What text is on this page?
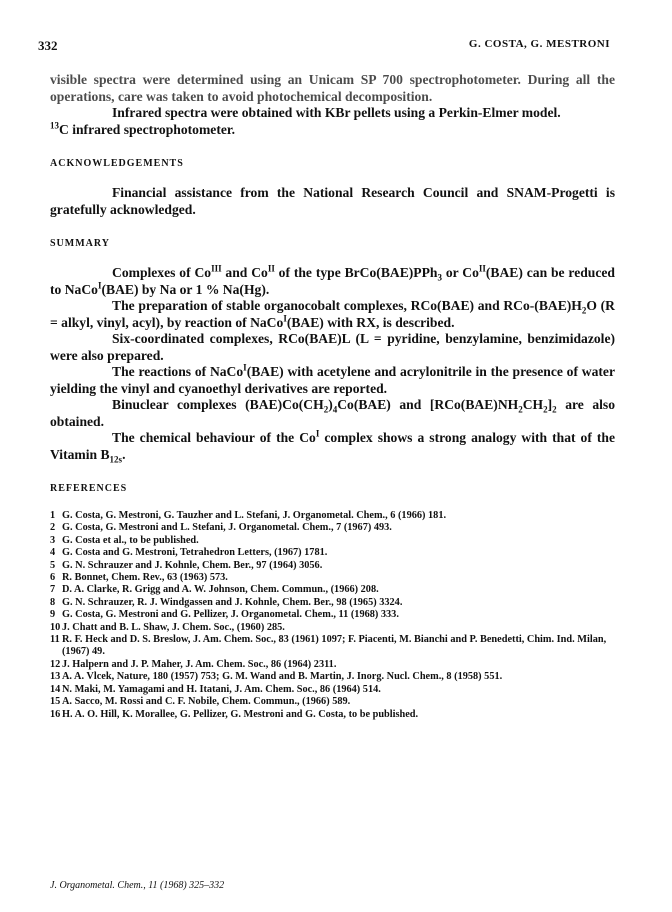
332	G. COSTA, G. MESTRONI

visible spectra were determined using an Unicam SP 700 spectrophotometer. During all the operations, care was taken to avoid photochemical decomposition.

Infrared spectra were obtained with KBr pellets using a Perkin-Elmer model.
$^{13}$C infrared spectrophotometer.

ACKNOWLEDGEMENTS

Financial assistance from the National Research Council and SNAM-Progetti is gratefully acknowledged.

SUMMARY

Complexes of $Co^{III}$ and $Co^{II}$ of the type BrCo(BAE)PPh$_3$ or $Co^{II}(BAE)$ can be reduced to NaCo$^I$(BAE) by Na or 1 % Na(Hg).

The preparation of stable organocobalt complexes, RCo(BAE) and RCo-$(BAE)H_2O$ (R = alkyl, vinyl, acyl), by reaction of NaCo$^I$(BAE) with RX, is described.

Six-coordinated complexes, RCo(BAE)L (L = pyridine, benzylamine, benzimidazole) were also prepared.

The reactions of NaCo$^I$(BAE) with acetylene and acrylonitrile in the presence of water yielding the vinyl and cyanoethyl derivatives are reported.

Binuclear complexes $(BAE)Co(CH_2)_4Co(BAE)$ and $[RCo(BAE)NH_2CH_2]_2$ are also obtained.

The chemical behaviour of the $Co^I$ complex shows a strong analogy with that of the Vitamin $B_{12s}$.

REFERENCES
1 G. Costa, G. Mestroni, G. Tauzher and L. Stefani, J. Organometal. Chem., 6 (1966) 181.
2 G. Costa, G. Mestroni and L. Stefani, J. Organometal. Chem., 7 (1967) 493.
3 G. Costa et al., to be published.
4 G. Costa and G. Mestroni, Tetrahedron Letters, (1967) 1781.
5 G. N. Schrauzer and J. Kohnle, Chem. Ber., 97 (1964) 3056.
6 R. Bonnet, Chem. Rev., 63 (1963) 573.
7 D. A. Clarke, R. Grigg and A. W. Johnson, Chem. Commun., (1966) 208.
8 G. N. Schrauzer, R. J. Windgassen and J. Kohnle, Chem. Ber., 98 (1965) 3324.
9 G. Costa, G. Mestroni and G. Pellizer, J. Organometal. Chem., 11 (1968) 333.
10 J. Chatt and B. L. Shaw, J. Chem. Soc., (1960) 285.
11 R. F. Heck and D. S. Breslow, J. Am. Chem. Soc., 83 (1961) 1097; F. Piacenti, M. Bianchi and P. Benedetti, Chim. Ind. Milan, (1967) 49.
12 J. Halpern and J. P. Maher, J. Am. Chem. Soc., 86 (1964) 2311.
13 A. A. Vlcek, Nature, 180 (1957) 753; G. M. Wand and B. Martin, J. Inorg. Nucl. Chem., 8 (1958) 551.
14 N. Maki, M. Yamagami and H. Itatani, J. Am. Chem. Soc., 86 (1964) 514.
15 A. Sacco, M. Rossi and C. F. Nobile, Chem. Commun., (1966) 589.
16 H. A. O. Hill, K. Morallee, G. Pellizer, G. Mestroni and G. Costa, to be published.
J. Organometal. Chem., 11 (1968) 325–332
